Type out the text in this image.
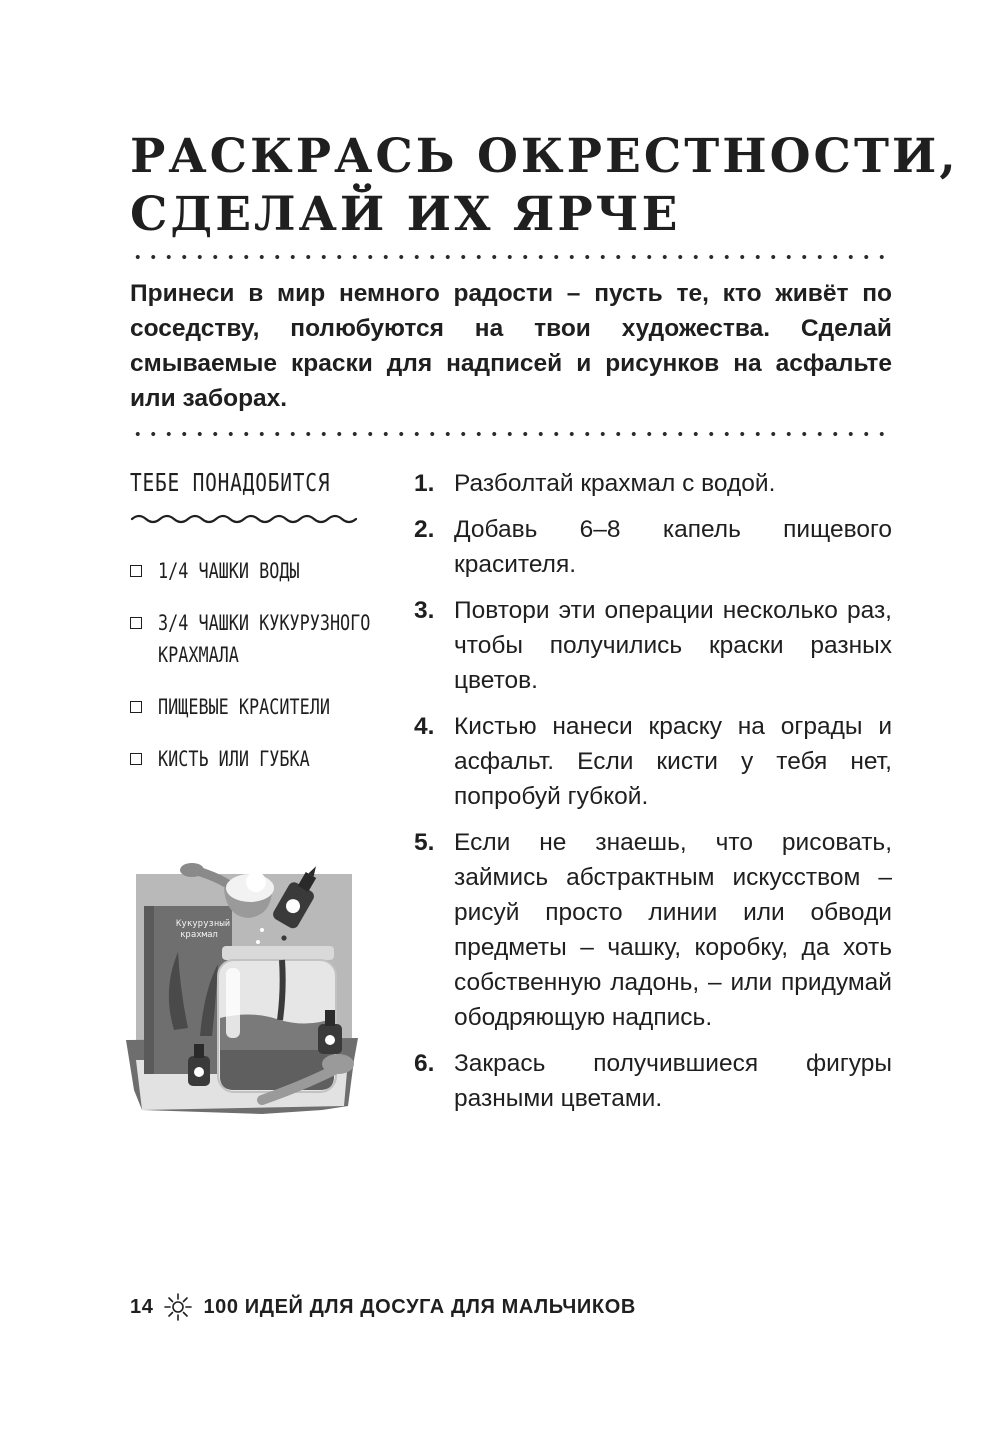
РАСКРАСЬ ОКРЕСТНОСТИ,
СДЕЛАЙ ИХ ЯРЧЕ

Принеси в мир немного радости – пусть те, кто живёт по соседству, полюбуются на твои художества. Сделай смываемые краски для надписей и рисунков на асфальте или заборах.

ТЕБЕ ПОНАДОБИТСЯ
1/4 ЧАШКИ ВОДЫ
3/4 ЧАШКИ КУКУРУЗНОГО КРАХМАЛА
ПИЩЕВЫЕ КРАСИТЕЛИ
КИСТЬ ИЛИ ГУБКА
1. Разболтай крахмал с водой.
2. Добавь 6–8 капель пищевого красителя.
3. Повтори эти операции несколько раз, чтобы получились краски разных цветов.
4. Кистью нанеси краску на ограды и асфальт. Если кисти у тебя нет, попробуй губкой.
5. Если не знаешь, что рисовать, займись абстрактным искусством – рисуй просто линии или обводи предметы – чашку, коробку, да хоть собственную ладонь, – или придумай ободряющую надпись.
6. Закрась получившиеся фигуры разными цветами.
Кукурузный
крахмал
14	100 ИДЕЙ ДЛЯ ДОСУГА ДЛЯ МАЛЬЧИКОВ
